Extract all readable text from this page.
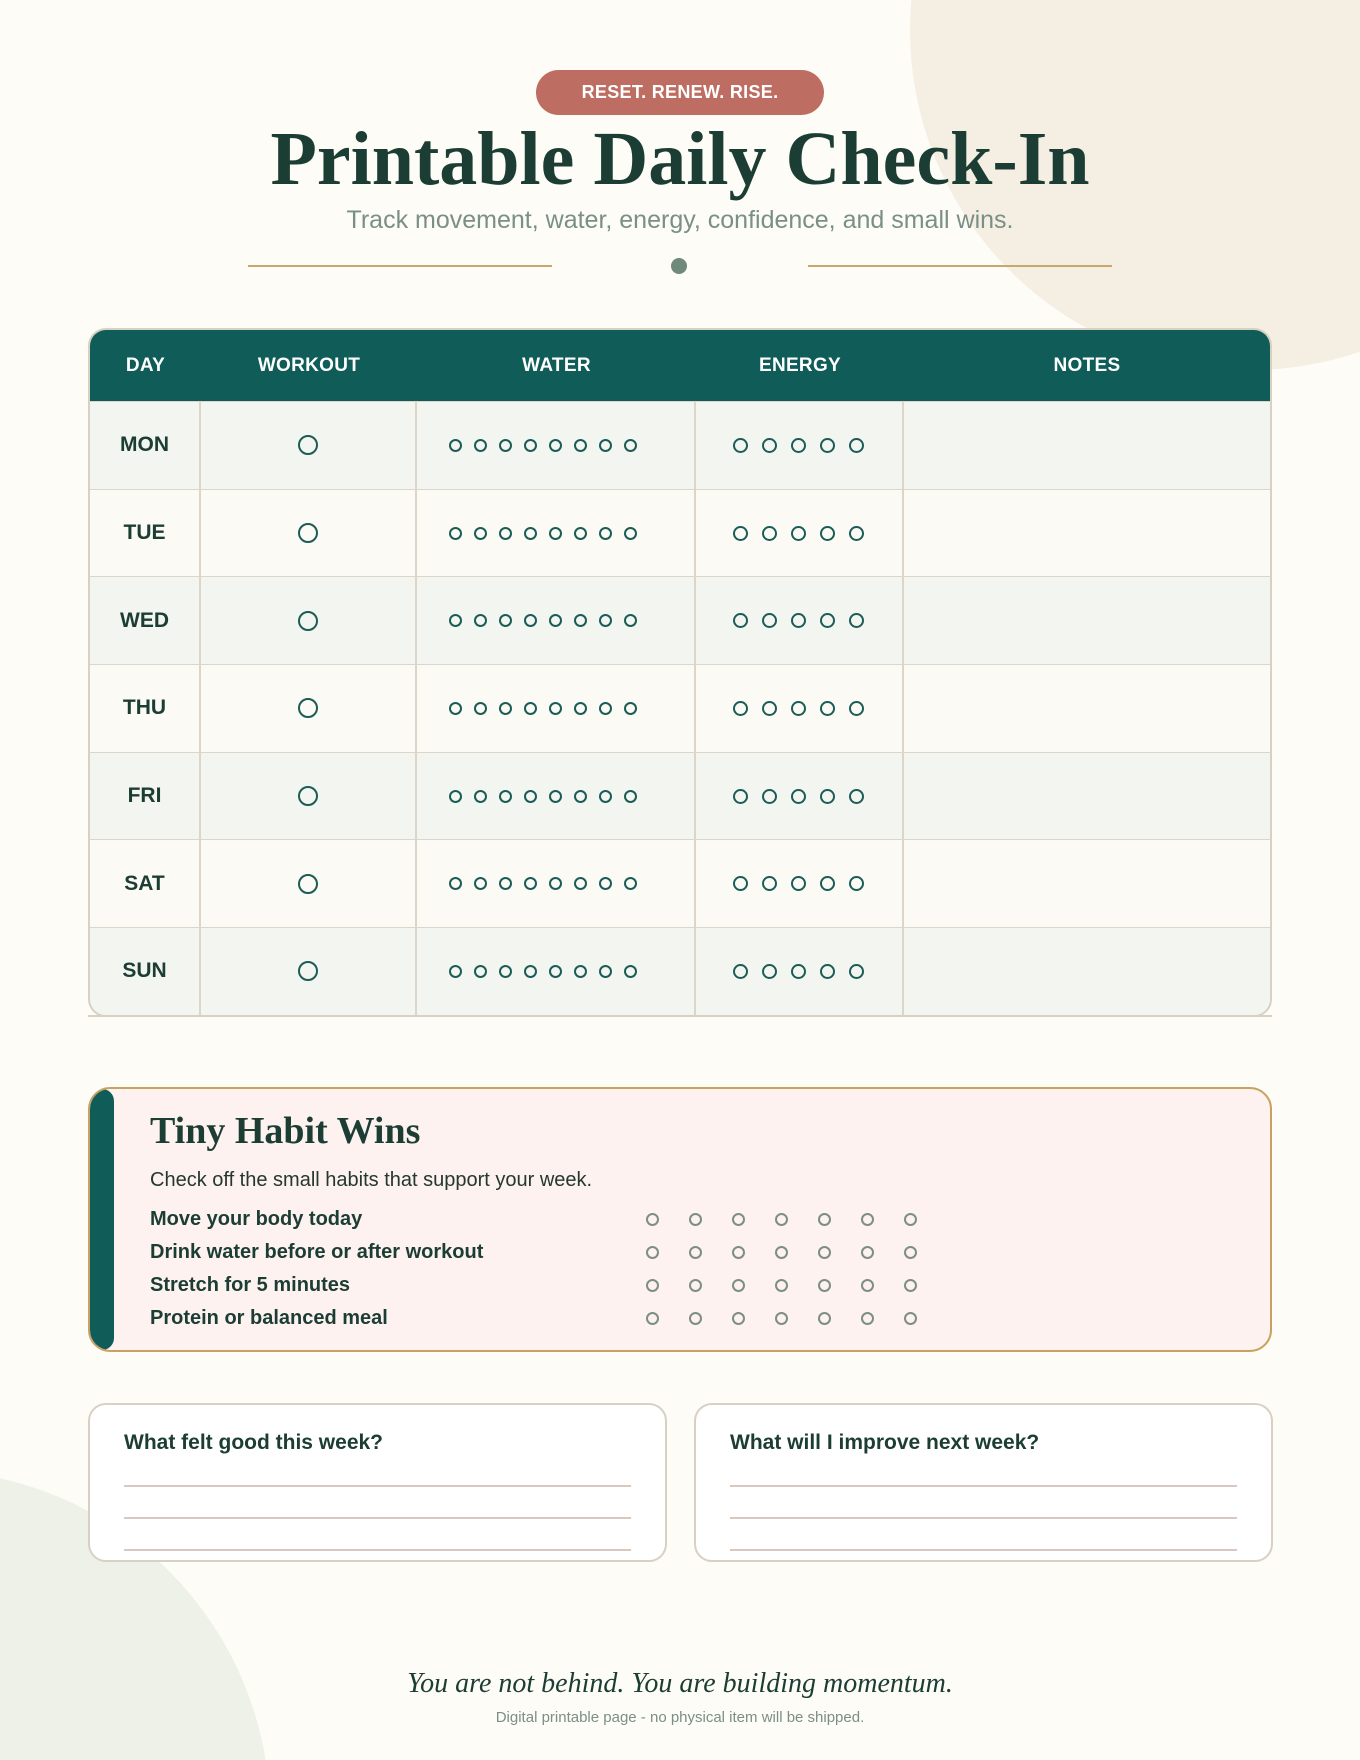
RESET. RENEW. RISE.
Printable Daily Check-In
Track movement, water, energy, confidence, and small wins.
DAY	WORKOUT	WATER	ENERGY	NOTES
MON
TUE
WED
THU
FRI
SAT
SUN
Tiny Habit Wins
Check off the small habits that support your week.
Move your body today
Drink water before or after workout
Stretch for 5 minutes
Protein or balanced meal
What felt good this week?	What will I improve next week?
You are not behind. You are building momentum.
Digital printable page - no physical item will be shipped.
